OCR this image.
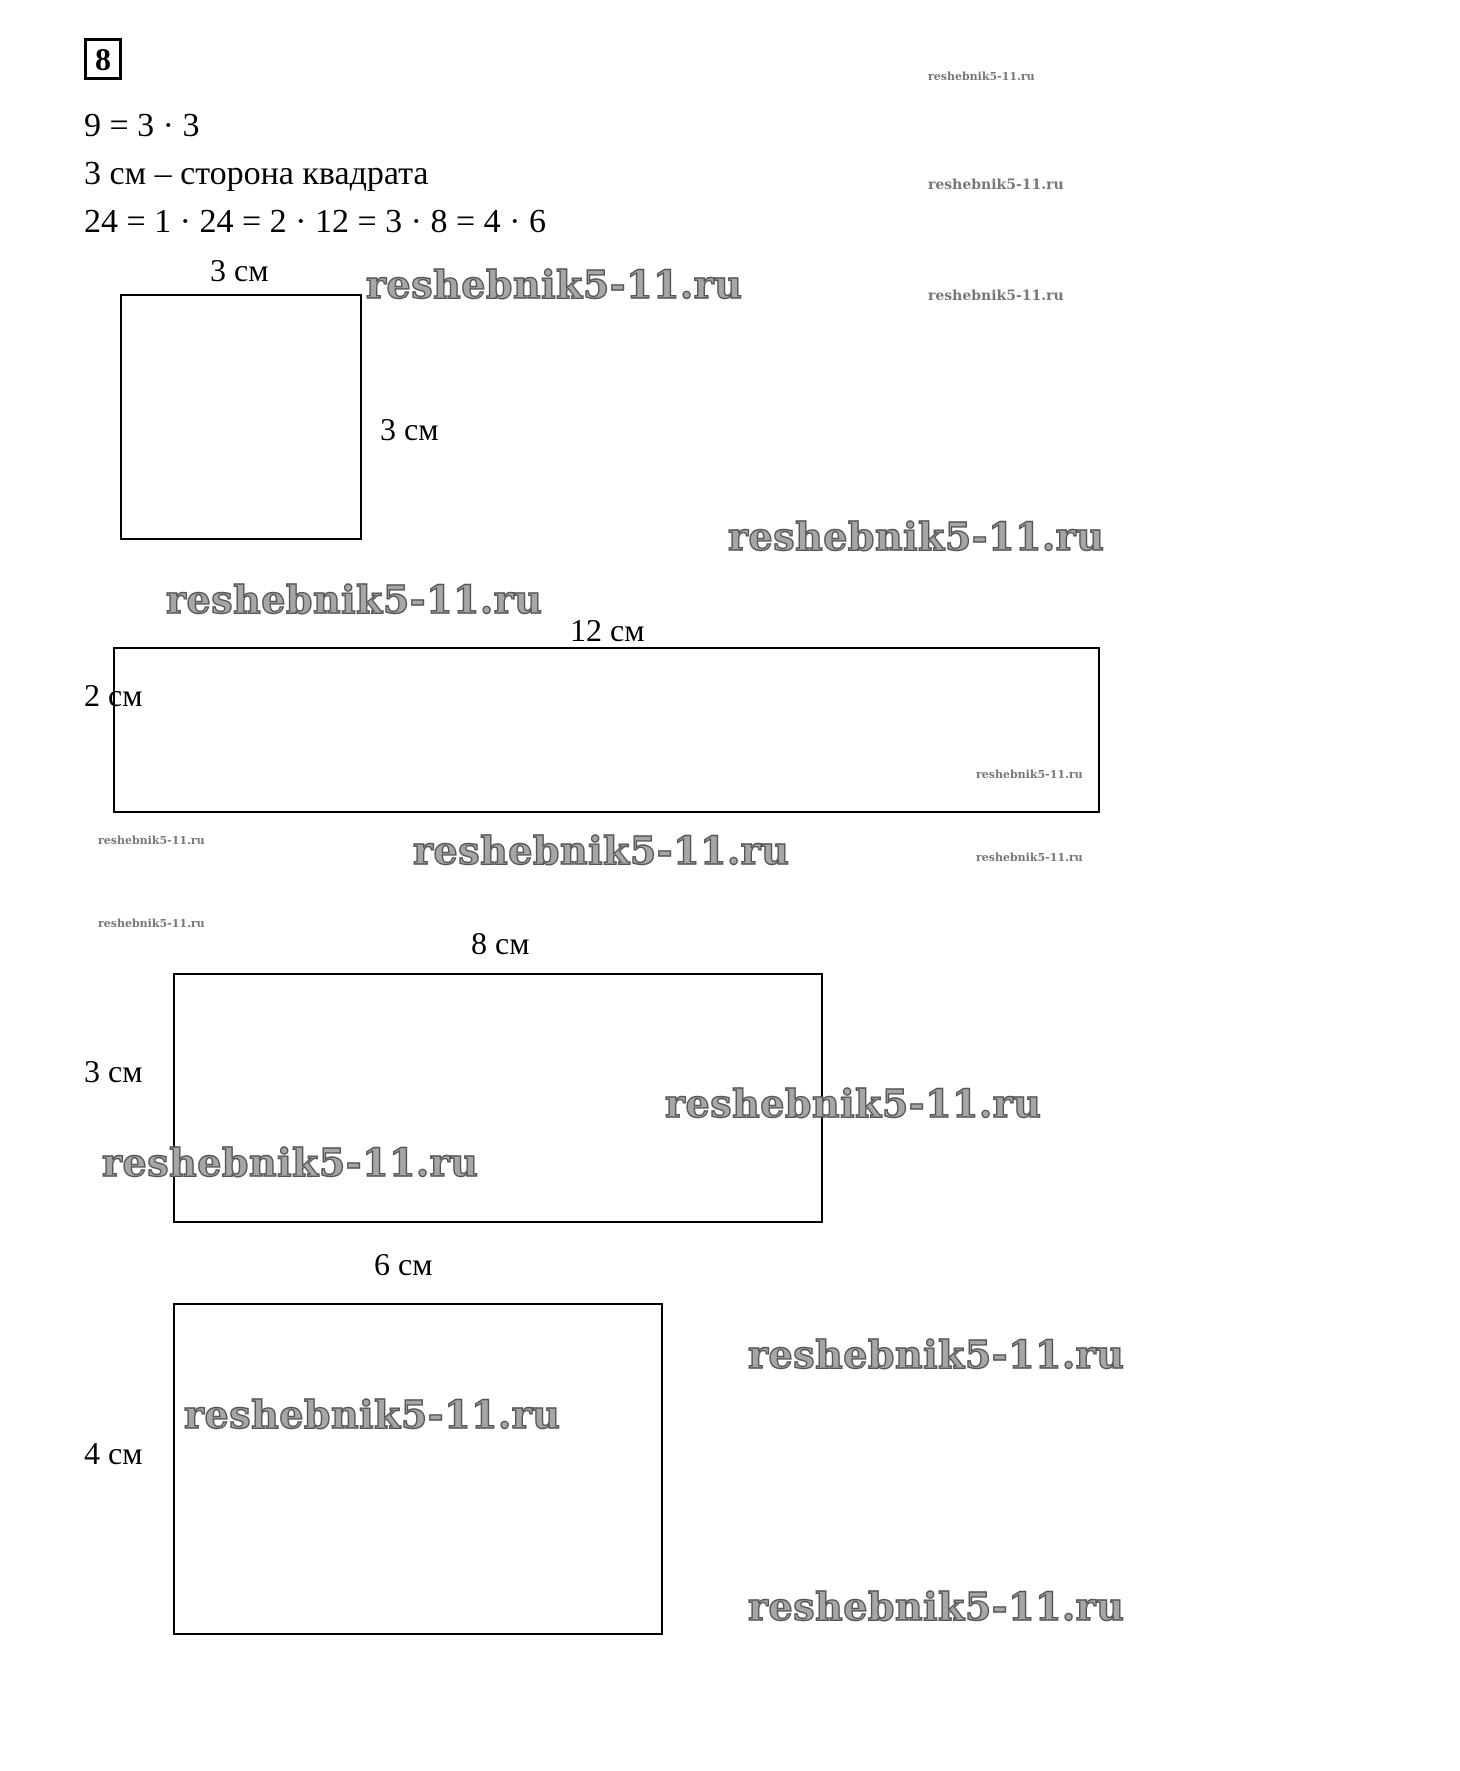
8
9 = 3 · 3
3 см – сторона квадрата
24 = 1 · 24 = 2 · 12 = 3 · 8 = 4 · 6
3 см
3 см
12 см
2 см
8 см
3 см
6 см
4 см
reshebnik5-11.ru
reshebnik5-11.ru
reshebnik5-11.ru
reshebnik5-11.ru
reshebnik5-11.ru
reshebnik5-11.ru
reshebnik5-11.ru
reshebnik5-11.ru	reshebnik5-11.ru	reshebnik5-11.ru
reshebnik5-11.ru
reshebnik5-11.ru
reshebnik5-11.ru
reshebnik5-11.ru
reshebnik5-11.ru
reshebnik5-11.ru
